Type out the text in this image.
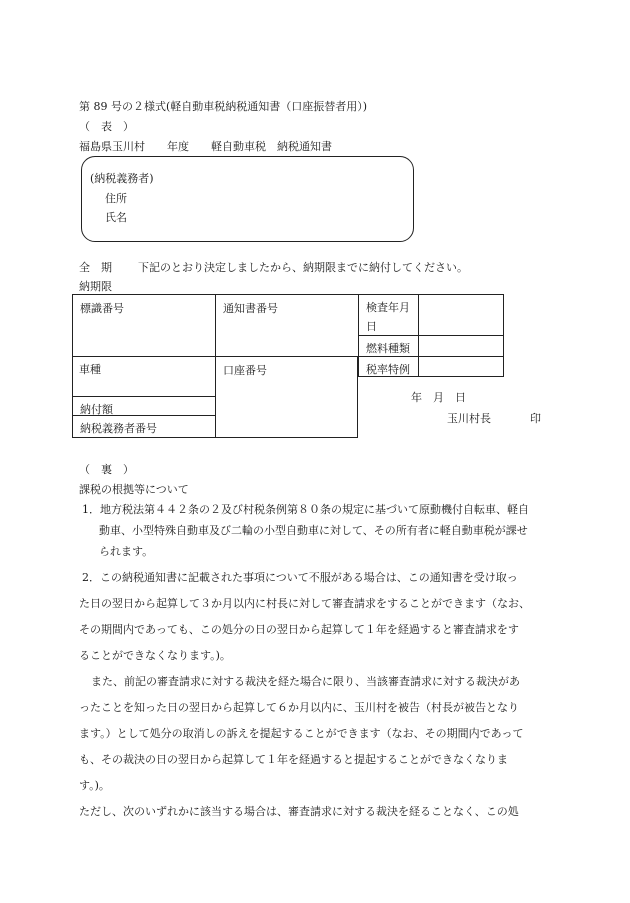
第 89 号の２様式(軽自動車税納税通知書（口座振替者用）)
（　表　）
福島県玉川村　　年度　　軽自動車税　納税通知書
(納税義務者)
住所
氏名
全　期 下記のとおり決定しましたから、納期限までに納付してください。
納期限
標識番号
車種
納付額
納税義務者番号
通知書番号
口座番号
検査年月
日
燃料種類
税率特例
年　月　日
玉川村長	印
（　裏　）
課税の根拠等について
1．地方税法第４４２条の２及び村税条例第８０条の規定に基づいて原動機付自転車、軽自
動車、小型特殊自動車及び二輪の小型自動車に対して、その所有者に軽自動車税が課せ
られます。
2．この納税通知書に記載された事項について不服がある場合は、この通知書を受け取っ
た日の翌日から起算して３か月以内に村長に対して審査請求をすることができます（なお、
その期間内であっても、この処分の日の翌日から起算して１年を経過すると審査請求をす
ることができなくなります。)。
また、前記の審査請求に対する裁決を経た場合に限り、当該審査請求に対する裁決があ
ったことを知った日の翌日から起算して６か月以内に、玉川村を被告（村長が被告となり
ます。）として処分の取消しの訴えを提起することができます（なお、その期間内であって
も、その裁決の日の翌日から起算して１年を経過すると提起することができなくなりま
す。)。
ただし、次のいずれかに該当する場合は、審査請求に対する裁決を経ることなく、この処
